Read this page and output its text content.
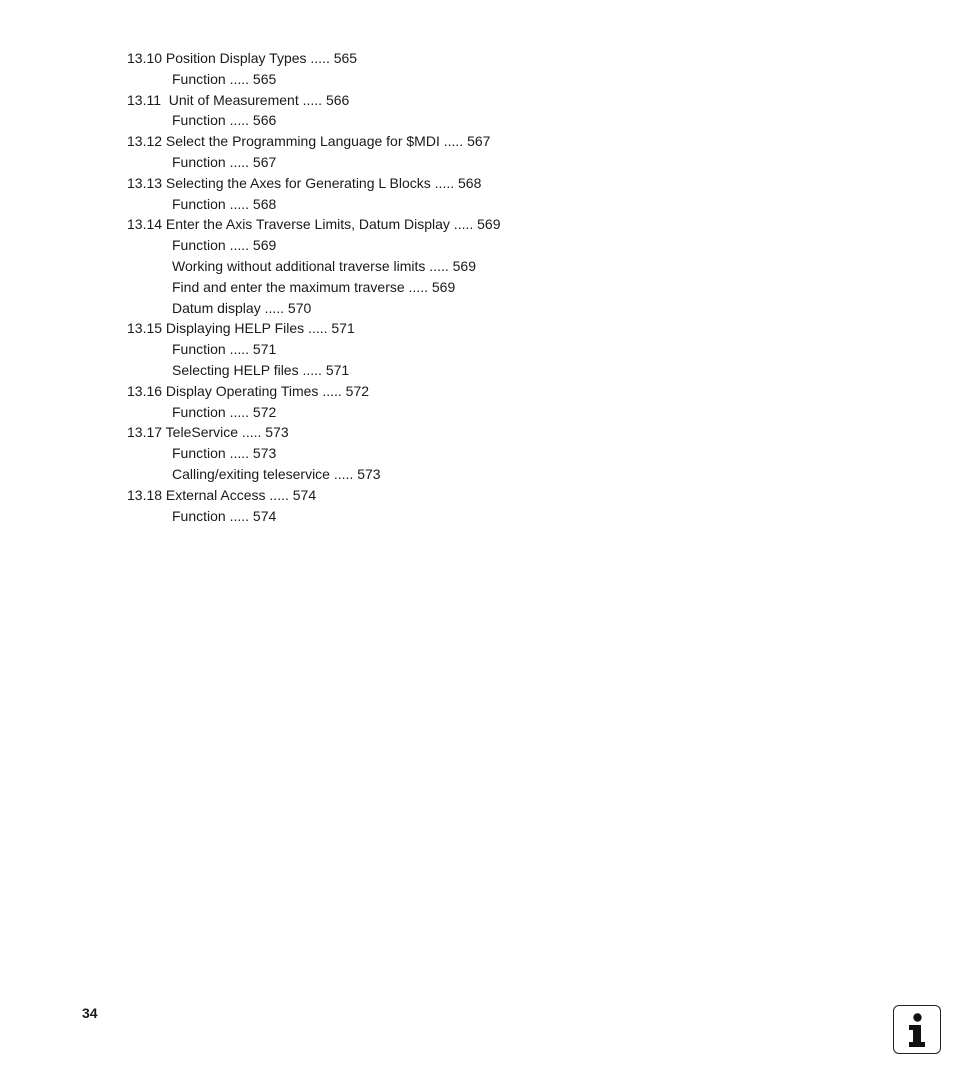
13.10 Position Display Types ..... 565
Function ..... 565
13.11  Unit of Measurement ..... 566
Function ..... 566
13.12 Select the Programming Language for $MDI ..... 567
Function ..... 567
13.13 Selecting the Axes for Generating L Blocks ..... 568
Function ..... 568
13.14 Enter the Axis Traverse Limits, Datum Display ..... 569
Function ..... 569
Working without additional traverse limits ..... 569
Find and enter the maximum traverse ..... 569
Datum display ..... 570
13.15 Displaying HELP Files ..... 571
Function ..... 571
Selecting HELP files ..... 571
13.16 Display Operating Times ..... 572
Function ..... 572
13.17 TeleService ..... 573
Function ..... 573
Calling/exiting teleservice ..... 573
13.18 External Access ..... 574
Function ..... 574
34
